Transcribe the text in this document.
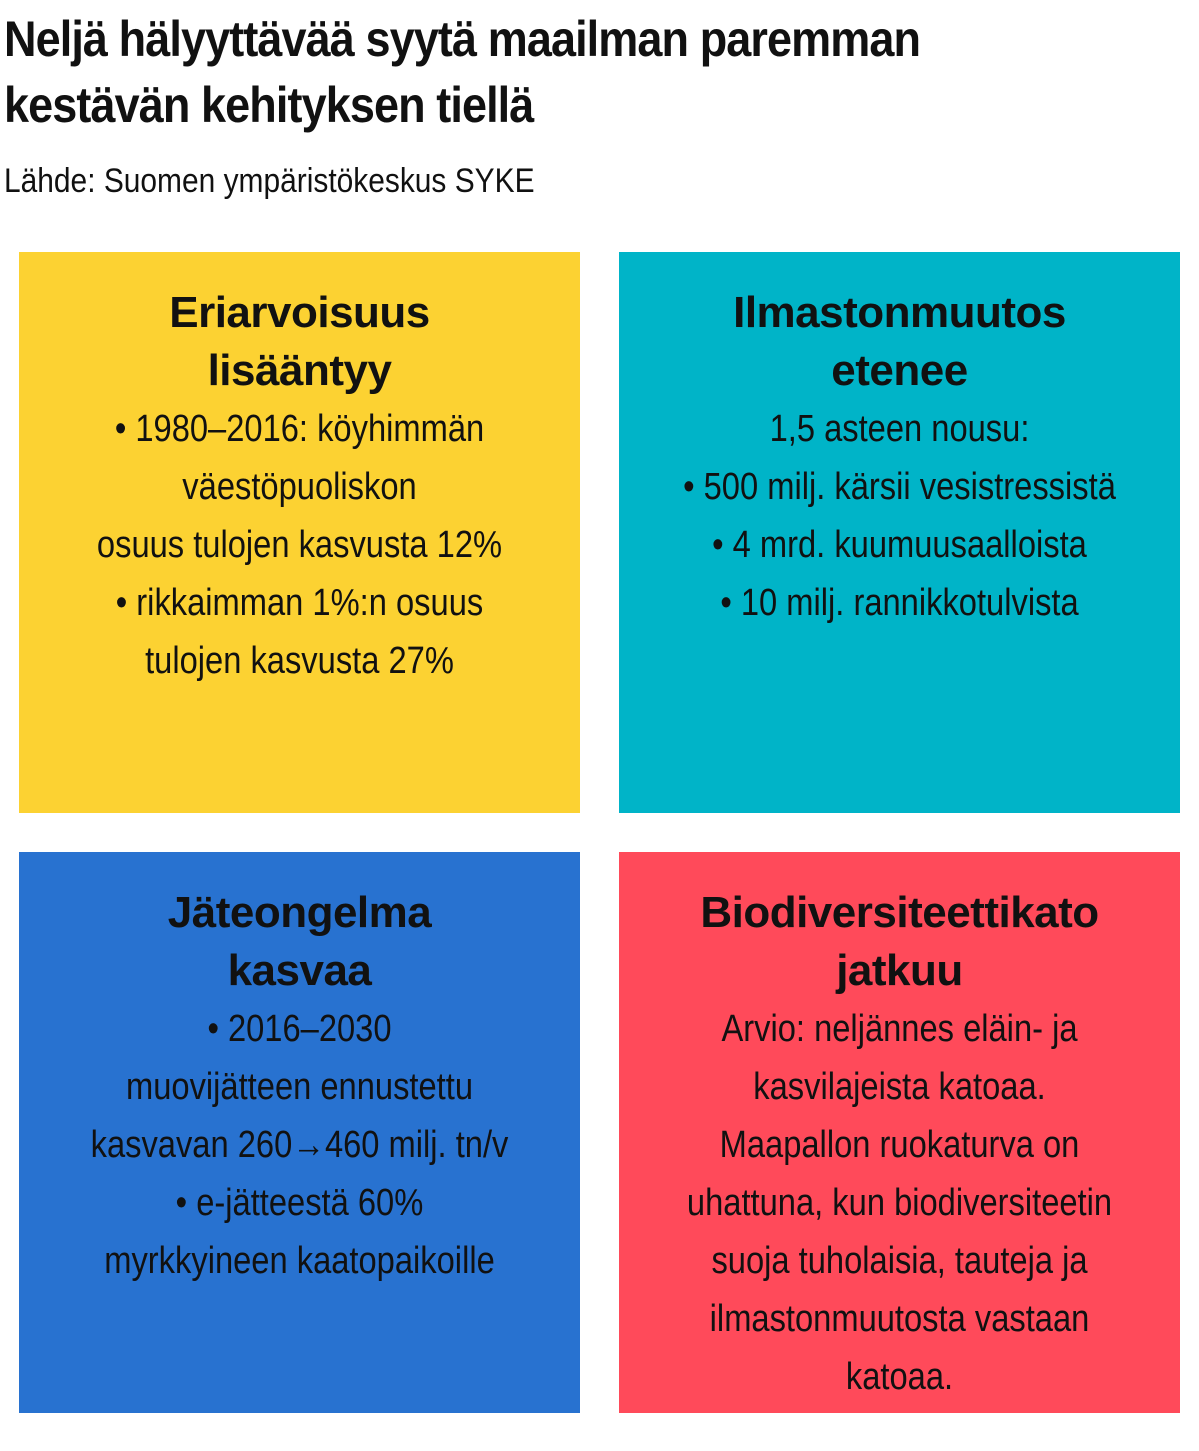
Neljä hälyyttävää syytä maailman paremman
kestävän kehityksen tiellä
Lähde: Suomen ympäristökeskus SYKE
Eriarvoisuus
lisääntyy

• 1980–2016: köyhimmän
väestöpuoliskon
osuus tulojen kasvusta 12%
• rikkaimman 1%:n osuus
tulojen kasvusta 27%

Ilmastonmuutos
etenee

1,5 asteen nousu:
• 500 milj. kärsii vesistressistä
• 4 mrd. kuumuusaalloista
• 10 milj. rannikkotulvista

Jäteongelma
kasvaa

• 2016–2030
muovijätteen ennustettu
kasvavan 260→460 milj. tn/v
• e-jätteestä 60%
myrkkyineen kaatopaikoille

Biodiversiteettikato
jatkuu

Arvio: neljännes eläin- ja
kasvilajeista katoaa.
Maapallon ruokaturva on
uhattuna, kun biodiversiteetin
suoja tuholaisia, tauteja ja
ilmastonmuutosta vastaan
katoaa.
